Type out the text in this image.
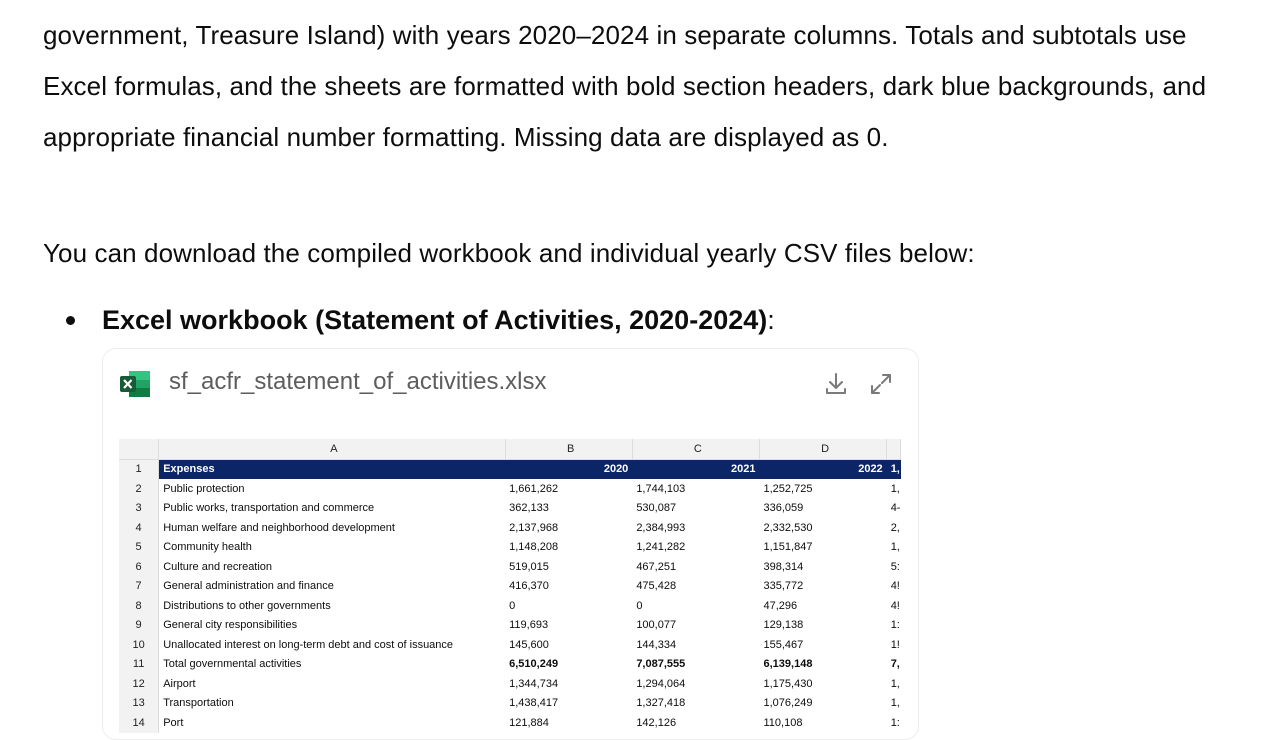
government, Treasure Island) with years 2020–2024 in separate columns. Totals and subtotals use Excel formulas, and the sheets are formatted with bold section headers, dark blue backgrounds, and appropriate financial number formatting. Missing data are displayed as 0.
You can download the compiled workbook and individual yearly CSV files below:
Excel workbook (Statement of Activities, 2020-2024) :
sf_acfr_statement_of_activities.xlsx
	A	B	C	D	
1	Expenses	2020	2021	2022	1,
2	Public protection	1,661,262	1,744,103	1,252,725	1,
3	Public works, transportation and commerce	362,133	530,087	336,059	4-
4	Human welfare and neighborhood development	2,137,968	2,384,993	2,332,530	2,
5	Community health	1,148,208	1,241,282	1,151,847	1,
6	Culture and recreation	519,015	467,251	398,314	5:
7	General administration and finance	416,370	475,428	335,772	4!
8	Distributions to other governments	0	0	47,296	4!
9	General city responsibilities	119,693	100,077	129,138	1:
10	Unallocated interest on long-term debt and cost of issuance	145,600	144,334	155,467	1!
11	Total governmental activities	6,510,249	7,087,555	6,139,148	7,
12	Airport	1,344,734	1,294,064	1,175,430	1,
13	Transportation	1,438,417	1,327,418	1,076,249	1,
14	Port	121,884	142,126	110,108	1:
